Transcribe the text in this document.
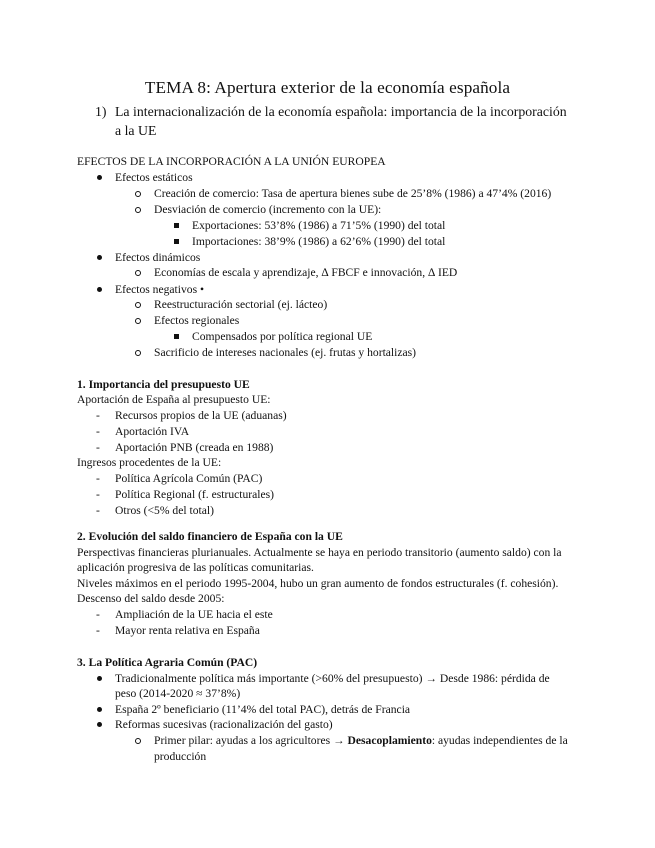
TEMA 8: Apertura exterior de la economía española
1) La internacionalización de la economía española: importancia de la incorporación
a la UE
EFECTOS DE LA INCORPORACIÓN A LA UNIÓN EUROPEA
Efectos estáticos
Creación de comercio: Tasa de apertura bienes sube de 25’8% (1986) a 47’4% (2016)
Desviación de comercio (incremento con la UE):
Exportaciones: 53’8% (1986) a 71’5% (1990) del total
Importaciones: 38’9% (1986) a 62’6% (1990) del total
Efectos dinámicos
Economías de escala y aprendizaje, ∆ FBCF e innovación, ∆ IED
Efectos negativos •
Reestructuración sectorial (ej. lácteo)
Efectos regionales
Compensados por política regional UE
Sacrificio de intereses nacionales (ej. frutas y hortalizas)
1. Importancia del presupuesto UE
Aportación de España al presupuesto UE:
- Recursos propios de la UE (aduanas)
- Aportación IVA
- Aportación PNB (creada en 1988)
Ingresos procedentes de la UE:
- Política Agrícola Común (PAC)
- Política Regional (f. estructurales)
- Otros (<5% del total)
2. Evolución del saldo financiero de España con la UE
Perspectivas financieras plurianuales. Actualmente se haya en periodo transitorio (aumento saldo) con la
aplicación progresiva de las políticas comunitarias.
Niveles máximos en el periodo 1995-2004, hubo un gran aumento de fondos estructurales (f. cohesión).
Descenso del saldo desde 2005:
- Ampliación de la UE hacia el este
- Mayor renta relativa en España
3. La Política Agraria Común (PAC)
Tradicionalmente política más importante (>60% del presupuesto) → Desde 1986: pérdida de
peso (2014-2020 ≈ 37’8%)
España 2º beneficiario (11’4% del total PAC), detrás de Francia
Reformas sucesivas (racionalización del gasto)
Primer pilar: ayudas a los agricultores → Desacoplamiento: ayudas independientes de la
producción
